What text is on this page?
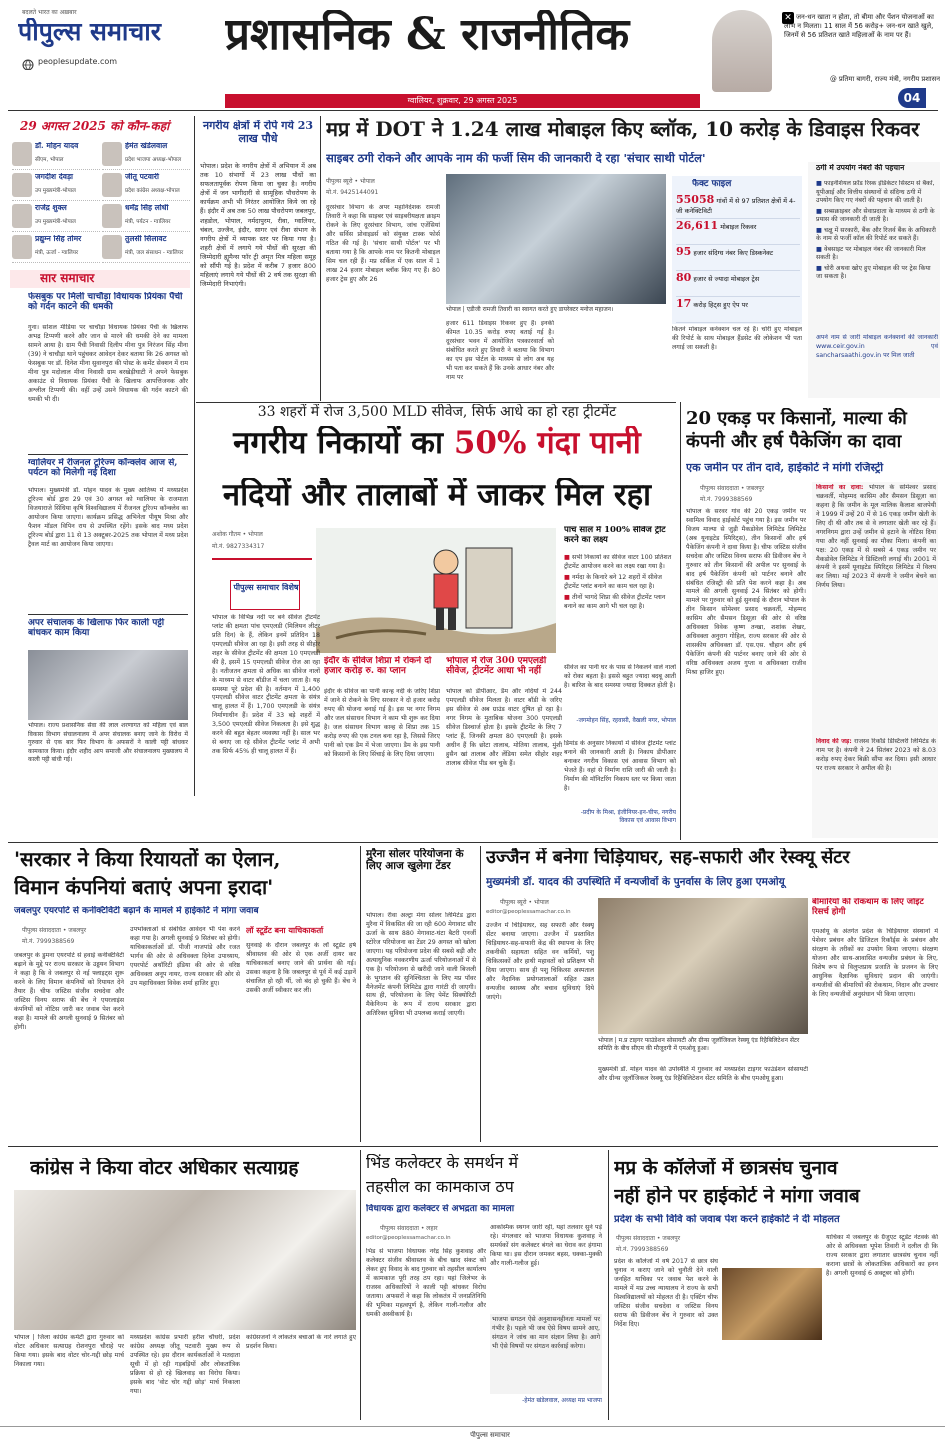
बदलते भारत का अख़बार
पीपुल्स समाचार
peoplesupdate.com
प्रशासनिक & राजनीतिक
ग्वालियर, शुक्रवार, 29 अगस्त 2025
✕ जन-धन खाता न होता, तो बीमा और पेंशन योजनाओं का लाभ न मिलता। 11 साल में 56 करोड़+ जन-धन खाते खुले, जिनमें से 56 प्रतिशत खाते महिलाओं के नाम पर हैं।
@ प्रतिमा बागरी, राज्य मंत्री, नगरीय प्रशासन
04
29 अगस्त 2025 को कौन-कहां
डॉ. मोहन यादव
सीएम, भोपाल
हेमंत खंडेलवाल
प्रदेश भाजपा अध्यक्ष-भोपाल
जगदीश देवड़ा
उप मुख्यमंत्री-भोपाल
जीतू पटवारी
प्रदेश कांग्रेस अध्यक्ष-भोपाल
राजेंद्र शुक्ल
उप मुख्यमंत्री-भोपाल
धर्मेंद्र सिंह लोधी
मंत्री, पर्यटन - ग्वालियर
प्रद्युम्न सिंह तोमर
मंत्री, ऊर्जा - ग्वालियर
तुलसी सिलावट
मंत्री, जल संसाधन - ग्वालियर
सार समाचार
फेसबुक पर मिली चाचौड़ा विधायक प्रियंका पैंची को गर्दन काटने की धमकी
गुना। सोशल मीडिया पर चाचौड़ा विधायक प्रियंका पैंची के खिलाफ अभद्र टिप्पणी करने और जान से मारने की धमकी देने का मामला सामने आया है। ग्राम पैंची निवासी दिलीप मीना पुत्र निरंजन सिंह मीना (39) ने चाचौड़ा थाने पहुंचकर आवेदन देकर बताया कि 26 अगस्त को फेसबुक पर डॉ. दिनेश मीना सुवानपुरा की पोस्ट के कमेंट सेक्शन में राम मीना पुत्र मदोलाल मीना निवासी ग्राम बरखेड़ीघाटी ने अपने फेसबुक अकाउंट से विधायक प्रियंका पैंची के खिलाफ आपत्तिजनक और अश्लील टिप्पणी की। वहीं उन्हें उसने विधायक की गर्दन काटने की धमकी भी दी।
ग्वालियर में रीजनल टूरिज्म कॉन्क्लेव आज से, पर्यटन को मिलेगी नई दिशा
भोपाल। मुख्यमंत्री डॉ. मोहन यादव के मुख्य आतिथ्य में मध्यप्रदेश टूरिज्म बोर्ड द्वारा 29 एवं 30 अगस्त को ग्वालियर के राजमाता विजयाराजे सिंधिया कृषि विश्वविद्यालय में रीजनल टूरिज्म कॉन्क्लेव का आयोजन किया जाएगा। कार्यक्रम प्रसिद्ध अभिनेता पीयूष मिश्रा और फैशन मॉडल विपिन राय से उपस्थित रहेंगे। इसके बाद मध्य प्रदेश टूरिज्म बोर्ड द्वारा 11 से 13 अक्टूबर-2025 तक भोपाल में मध्य प्रदेश ट्रैवल मार्ट का आयोजन किया जाएगा।
अपर संचालक के खिलाफ फिर काली पट्टी बांधकर काम किया
भोपाल। राज्य प्रशासनिक सेवा की लाल शरणागत को महिला एवं बाल विकास विभाग संचालनालय में अपर संचालक बनाए जाने के विरोध में गुरुवार से एक बार फिर विभाग के अफसरों ने काली पट्टी बांधकर कामकाज किया। इंदौर शहीद आप समाजी और संचालनालय मुख्यालय में काली पट्टी बांधी गई।
नगरीय क्षेत्रों में रोपे गये 23 लाख पौधे
भोपाल। प्रदेश के नगरीय क्षेत्रों में अभियान में अब तक 10 संभागों में 23 लाख पौधों का सफलतापूर्वक रोपण किया जा चुका है। नगरीय क्षेत्रों में जन भागीदारी से सामूहिक पौधरोपण के कार्यक्रम अभी भी निरंतर आयोजित किये जा रहे हैं। इंदौर में अब तक 50 लाख पौधरोपण जबलपुर, शहडोल, भोपाल, नर्मदापुरम, रीवा, ग्वालियर, चंबल, उज्जैन, इंदौर, सागर एवं रीवा संभाग के नगरीय क्षेत्रों में व्यापक स्तर पर किया गया है। शहरी क्षेत्रों में लगाये गये पौधों की सुरक्षा की जिम्मेदारी ह्यूमैन्स फॉर ट्री अमृत मित्र महिला समूह को सौंपी गई है। प्रदेश में करीब 7 हजार 800 महिलाएं लगाये गये पौधों की 2 वर्ष तक सुरक्षा की जिम्मेदारी निभाएंगी।
मप्र में DOT ने 1.24 लाख मोबाइल किए ब्लॉक, 10 करोड़ के डिवाइस रिकवर
साइबर ठगी रोकने और आपके नाम की फर्जी सिम की जानकारी दे रहा 'संचार साथी पोर्टल'
पीपुल्स ब्यूरो • भोपाल
मो.नं. 9425144091
दूरसंचार विभाग के अपर महानिदेशक रामजी तिवारी ने कहा कि साइबर एवं साइबरीयक्षता क्राइम रोकने के लिए दूरसंचार विभाग, जांच एजेंसियां और सर्विस प्रोवाइडर्स को संयुक्त टास्क फोर्स गठित की गई है। 'संचार साथी पोर्टल' पर भी बताया गया है कि आपके नाम पर कितनी मोबाइल सिम चल रही हैं। मप्र सर्किल में एक साल में 1 लाख 24 हजार मोबाइल ब्लॉक किए गए हैं। 80 हजार ट्रेस हुए और 26
भोपाल | एडीजी रामजी तिवारी का स्वागत करते हुए डायरेक्टर मनोज महाजन।
हजार 611 डिवाइस रिकवर हुए हैं। इनकी कीमत 10.35 करोड़ रुपए बताई गई है। दूरसंचार भवन में आयोजित पत्रकारवार्ता को संबोधित करते हुए तिवारी ने बताया कि विभाग का एप इस पोर्टल के माध्यम से लोग अब यह भी पता कर सकते हैं कि उनके आधार नंबर और नाम पर
फैक्ट फाइल
55058 गांवों में से 97 प्रतिशत क्षेत्रों में 4-जी कनेक्टिविटी
26,611 मोबाइल रिकवर
95 हजार संदिग्ध नंबर किए डिस्कनेक्ट
80 हजार से ज्यादा मोबाइल ट्रेस
17 करोड़ हिट्स हुए ऐप पर
कितने मोबाइल कनेक्शन चल रहे हैं। चोरी हुए मोबाइल की रिपोर्ट के साथ मोबाइल हैंडसेट की लोकेशन भी पता लगाई जा सकती है।
ठगी में उपयोग नंबरों की पहचान
■ फाइनेंशियल फ्रॉड रिस्क इंडिकेटर सिस्टम से बैंकों, यूपीआई और वित्तीय संस्थानों से संदिग्ध ठगी में उपयोग किए गए नंबरों की पहचान की जाती है।
■ सब्सक्राइबर और सेवाप्रदाता के माध्यम से ठगी के प्रयास की जानकारी दी जाती है।
■ चक्षु में सरकारी, बैंक और रिजर्व बैंक के अधिकारी के नाम से फर्जी कॉल की रिपोर्ट कर सकते हैं।
■ वेबसाइट पर मोबाइल नंबर की जानकारी मिल सकती है।
■ चोरी अथवा खोए हुए मोबाइल की पर ट्रेस किया जा सकता है।
अपने नाम से जारी मोबाइल कनेक्शनों की जानकारी www.ceir.gov.in एवं sancharsaathi.gov.in पर मिल जाती
33 शहरों में रोज 3,500 MLD सीवेज, सिर्फ आधे का हो रहा ट्रीटमेंट
नगरीय निकायों का 50% गंदा पानी
नदियों और तालाबों में जाकर मिल रहा
अशोक गौतम • भोपाल
मो.नं. 9827334317
पीपुल्स समाचार विशेष
भोपाल के विभिन्न नदी पर बने सीवेज ट्रीटमेंट प्लांट की क्षमता पांच एमएलडी (मिलियन लीटर प्रति दिन) के हैं, लेकिन इनमें प्रतिदिन 18 एमएलडी सीवेज आ रहा है। इसी तरह से सीहोर शहर के सीवेज ट्रीटमेंट की क्षमता 10 एमएलडी की है, इसमें 15 एमएलडी सीवेज रोज आ रहा है। नतीजतन क्षमता से अधिक का सीवेज नालों के माध्यम से वाटर बॉडीज में चला जाता है। यह समस्या पूरे प्रदेश की है। वर्तमान में 1,400 एमएलडी सीवेज वाटर ट्रीटमेंट क्षमता के संयंत्र चालू हालत में हैं। 1,700 एमएलडी के संयंत्र निर्माणाधीन हैं। प्रदेश में 33 बड़े शहरों में 3,500 एमएलडी सीवेज निकलता है। इसे शुद्ध करने की बहुत बेहतर व्यवस्था नहीं है। साल भर से बनाए जा रहे सीवेज ट्रीटमेंट प्लांट में अभी तक सिर्फ 45% ही चालू हालत में हैं।
इंदौर के सीवेज शिप्रा में रोकने दो हजार करोड़ रु. का प्लान
इंदौर के सीवेज का पानी कान्ह नदी के जरिए शिप्रा में जाने से रोकने के लिए सरकार ने दो हजार करोड़ रुपए की योजना बनाई गई है। इस पर नगर निगम और जल संसाधन विभाग ने काम भी शुरू कर दिया है। जल संसाधन विभाग कान्ह से शिप्रा तक 15 करोड़ रुपए की एक टनल बना रहा है, जिससे जिरए पानी को एक डैम में भेजा जाएगा। डैम के इस पानी को किसानों के लिए सिंचाई के लिए दिया जाएगा।
भोपाल में रोज 300 एमएलडी सीवेज, ट्रीटमेंट आधा भी नहीं
भोपाल को डीपीआर, डैम और नदियों में 244 एमएलडी सीवेज मिलता है। वाटर बॉडी के जरिए इस सीवेज से अब ग्राउंड वाटर दूषित हो रहा है। नगर निगम के मुताबिक योजना 300 एमएलडी सीवेज डिस्चार्ज होता है। इसके ट्रीटमेंट के लिए 7 प्लांट हैं, जिनकी क्षमता 80 एमएलडी है। इसके अधीन हैं कि छोटा तालाब, मोतिया तालाब, मुंशी हुसैन खां तालाब और लेंडिया समेत सीहोर शहर तालाब सीवेज पीड बन चुके हैं।
पांच साल में 100% सीवेज ट्रीट करने का लक्ष्य
■ सभी निकायों का सीवेज वाटर 100 प्रतिशत ट्रीटमेंट आयोजन करने का लक्ष्य रखा गया है।
■ नर्मदा के किनारे बने 12 शहरों में सीवेज ट्रीटमेंट प्लांट बनाने का काम चल रहा है।
■ तीनों भागदे शिप्रा की सीवेज ट्रीटमेंट प्लान बनाने का काम आगे भी चल रहा है।
सीवेज का पानी घर के पास से निकलने वाले नालों को रोका बहता है। इससे बहुत ज्यादा बदबू आती है। बारिश के बाद समस्या ज्यादा दिक्कत होती है।
-जगमोहन सिंह, रहवासी, वैखली नगर, भोपाल
डिमांड के अनुसार निकायों में सीवेज ट्रीटमेंट प्लांट बनाने की जानकारी आती है। निकाय डीपीआर बनाकर नगरीय विकास एवं आवास विभाग को भेजते हैं। वहां से निर्माण राशि जारी की जाती है। निर्माण की मॉनिटरिंग निकाय स्तर पर किया जाता है।
-प्रदीप के मिश्रा, इंजीनियर-इन-चीफ, नगरीय विकास एवं आवास विभाग
20 एकड़ पर किसानों, माल्या की कंपनी और हर्ष पैकेजिंग का दावा
एक जमीन पर तीन दावे, हाईकोर्ट ने मांगी रजिस्ट्री
पीपुल्स संवाददाता • जबलपुर
मो.नं. 7999388569
भोपाल के सरवर गांव की 20 एकड़ जमीन पर स्वामित्व विवाद हाईकोर्ट पहुंच गया है। इस जमीन पर विजय माल्या से जुड़ी मैकडोवेल लिमिटेड लिमिटेड (अब यूनाइटेड स्पिरिट्स), तीन किसानों और हर्ष पैकेजिंग कंपनी ने दावा किया है। चीफ जस्टिस संजीव सचदेवा और जस्टिस विनय सराफ की डिवीजन बेंच ने गुरुवार को तीन किसानों की अपील पर सुनवाई के बाद हर्ष पैकेजिंग कंपनी को पार्टनर बनाने और संबंधित रजिस्ट्री की प्रति पेश करने कहा है। अब मामले की अगली सुनवाई 24 सितंबर को होगी। मामले पर गुरुवार को हुई सुनवाई के दौरान भोपाल के तीन किसान सोमेश्वर प्रसाद चक्रवर्ती, मोहम्मद कासिम और सैमसन डिसूज़ा की ओर से वरिष्ठ अधिवक्ता विवेक कृष्ण तन्खा, शशांक शेखर, अधिवक्ता अनुराग गोहिल, राज्य सरकार की ओर से शासकीय अधिवक्ता डॉ. एस.एस. चौहान और हर्ष पैकेजिंग कंपनी की पार्टनर बनाए जाने की ओर से वरिष्ठ अधिवक्ता अजय गुप्ता व अधिवक्ता राजीव मिश्रा हाजिर हुए।
किसानों का दावा: भोपाल के सोमेश्वर प्रसाद चक्रवर्ती, मोहम्मद कासिम और सैमसन डिसूज़ा का कहना है कि जमीन के मूल मालिक कैलाश बाजपेयी ने 1999 में उन्हें 20 में से 16 एकड़ जमीन खेती के लिए दी थी और तब से वे लगातार खेती कर रहे हैं। नगरनिगम द्वारा उन्हें जमीन से हटाने के नोटिस दिया गया और नहीं सुनवाई का मौका मिला। कंपनी का पक्ष: 20 एकड़ में से सबसे 4 एकड़ जमीन पर मैकडोवेल लिमिटेड ने डिस्टिलरी लगाई थी। 2001 में कंपनी ने इसमें यूनाइटेड स्पिरिट्स लिमिटेड में विलय कर लिया। मई 2023 में कंपनी ने जमीन बेचने का निर्णय लिया।
विवाद की जड़: राजस्व रिकॉर्ड डिस्टिलरी लिमिटेड के नाम पर है। कंपनी ने 24 सितंबर 2023 को 8.03 करोड़ रुपए देकर बिक्री सौंपा कर दिया। इसी आधार पर राज्य सरकार ने अपील की है।
'सरकार ने किया रियायतों का ऐलान,
विमान कंपनियां बताएं अपना इरादा'
जबलपुर एयरपोर्ट से कनेक्टिविटी बढ़ाने के मामले में हाईकोर्ट ने मांगा जवाब
पीपुल्स संवाददाता • जबलपुर
मो.नं. 7999388569
जबलपुर के डुमना एयरपोर्ट से हवाई कनेक्टिविटी बढ़ाने के मुद्दे पर राज्य सरकार के उड्डयन विभाग ने कहा है कि वे जबलपुर से नई फ्लाइट्स शुरू करने के लिए विमान कंपनियों को रियायत देने तैयार हैं। चीफ जस्टिस संजीव सचदेवा और जस्टिस विनय सराफ की बेंच ने एयरलाइंस कंपनियों को नोटिस जारी कर जवाब पेश करने कहा है। मामले की अगली सुनवाई 9 सितंबर को होगी।
उपभोक्ताओं से संबंधित आवेदन भी पेश करने कहा गया है। अगली सुनवाई 9 सितंबर को होगी। याचिकाकर्ताओं डॉ. पीजी नाजपांडे और रजत भार्गव की ओर से अधिवक्ता दिनेश उपाध्याय, एयरपोर्ट अथॉरिटी इंडिया की ओर से वरिष्ठ अधिवक्ता अनूप नायर, राज्य सरकार की ओर से उप महाधिवक्ता विवेक शर्मा हाजिर हुए।
लॉ स्टूडेंट बना याचिकाकर्ता
सुनवाई के दौरान जबलपुर के लॉ स्टूडेंट हर्ष श्रीवास्तव की ओर से एक अर्जी दायर कर याचिकाकर्ता बनाए जाने की प्रार्थना की गई। उसका कहना है कि जबलपुर से पूर्व में कई उड़ानें संचालित हो रही थीं, जो बंद हो चुकी हैं। बेंच ने उसकी अर्जी स्वीकार कर ली।
मुरैना सोलर परियोजना के लिए आज खुलेगा टेंडर
भोपाल। रीवा अल्ट्रा मेगा सोलर लिमिटेड द्वारा मुरैना में विकसित की जा रही 600 मेगावाट सौर ऊर्जा के साथ 880 मेगावाट-घंटा बैटरी एनर्जी स्टोरेज परियोजना का टेंडर 29 अगस्त को खोला जाएगा। यह परियोजना प्रदेश की सबसे बड़ी और अत्याधुनिक नवकरणीय ऊर्जा परियोजनाओं में से एक है। परियोजना से खरीदी जाने वाली बिजली के भुगतान की सुनिश्चितता के लिए मप्र पॉवर मैनेजमेंट कंपनी लिमिटेड द्वारा गारंटी दी जाएगी। साथ ही, परियोजना के लिए पेमेंट सिक्योरिटी मैकेनिज्म के रूप में राज्य सरकार द्वारा अतिरिक्त सुविधा भी उपलब्ध कराई जाएगी।
उज्जैन में बनेगा चिड़ियाघर, सह-सफारी और रेस्क्यू सेंटर
मुख्यमंत्री डॉ. यादव की उपस्थिति में वन्यजीवों के पुनर्वास के लिए हुआ एमओयू
पीपुल्स ब्यूरो • भोपाल
editor@peoplessamachar.co.in
उज्जैन में चिड़ियाघर, सह सफारी और रेस्क्यू सेंटर बनाया जाएगा। उज्जैन में प्रस्तावित चिड़ियाघर-सह-सफारी केंद्र की स्थापना के लिए तकनीकी सहायता सहित वन कर्मियों, पशु चिकित्सकों और हाथी महावतों को प्रशिक्षण भी दिया जाएगा। साथ ही पशु चिकित्सा अस्पताल और नैदानिक प्रयोगशालाओं सहित उन्नत वन्यजीव स्वास्थ्य और बचाव सुविधाएं दिये जाएंगे।
भोपाल | म.प्र टाइगर फाउंडेशन सोसायटी और ग्रीन्स जूलॉजिकल रेस्क्यू एंड रिहैबिलिटेशन सेंटर समिति के बीच सीएम की मौजूदगी में एमओयू हुआ।
मुख्यमंत्री डॉ. मोहन यादव की उपस्थिति में गुरुवार को मध्यप्रदेश टाइगर फाउंडेशन सोसायटी और ग्रीन्स जूलॉजिकल रेस्क्यू एंड रिहैबिलिटेशन सेंटर समिति के बीच एमओयू हुआ।
बीमारियों की रोकथाम के लिए जॉइंट रिसर्च होगी
एमओयू के अंतर्गत प्रदेश के चिड़ियाघर संस्थानों में पेशेवर प्रबंधन और डिजिटल रिकॉर्ड्स के प्रबंधन और संरक्षण के तरीकों का उपयोग किया जाएगा। संरक्षण योजना और साथ-आवासित वन्यजीव प्रबंधन के लिए, विशेष रूप से विलुप्तप्राय प्रजाति के प्रजनन के लिए आधुनिक वैज्ञानिक सुविधाएं प्रदान की जाएंगी। वन्यजीवों की बीमारियों की रोकथाम, निदान और उपचार के लिए वन्यजीवों अनुसंधान भी किया जाएगा।
कांग्रेस ने किया वोटर अधिकार सत्याग्रह
भोपाल | जिला कांग्रेस कमेटी द्वारा गुरुवार को वोटर अधिकार सत्याग्रह रोशनपुरा चौराहे पर किया गया। इसके बाद वोटर चोर-गद्दी छोड़ मार्च निकाला गया।
मध्यप्रदेश कांग्रेस प्रभारी हरीश चौधरी, प्रदेश कांग्रेस अध्यक्ष जीतू पटवारी मुख्य रूप से उपस्थित रहे। इस दौरान कार्यकर्ताओं ने मतदाता सूची में हो रही गड़बड़ियों और लोकतांत्रिक प्रक्रिया से हो रहे खिलवाड़ का विरोध किया। इसके बाद 'वोट चोर गद्दी छोड़' मार्च निकाला गया।
कांग्रेसजनों ने लोकतंत्र बचाओ के नारे लगाते हुए प्रदर्शन किया।
भिंड कलेक्टर के समर्थन में
तहसील का कामकाज ठप
विधायक द्वारा कलेक्टर से अभद्रता का मामला
पीपुल्स संवाददाता • लहार
editor@peoplessamachar.co.in
भिंड से भाजपा विधायक नरेंद्र सिंह कुशवाह और कलेक्टर संजीव श्रीवास्तव के बीच खाद संकट को लेकर हुए विवाद के बाद गुरुवार को तहसील कार्यालय में कामकाज पूरी तरह ठप रहा। यहां जिलेभर के राजस्व अधिकारियों ने काली पट्टी बांधकर विरोध जताया। अफसरों ने कहा कि लोकतंत्र में जनप्रतिनिधि की भूमिका महत्वपूर्ण है, लेकिन गाली-गलौज और धमकी अस्वीकार्य है।
आकस्मिक स्थगन जारी रहीं, यहां तलवार सुने पड़े रहे। मंगलवार को भाजपा विधायक कुशवाह ने समर्थकों संग कलेक्टर बंगले का घेराव कर हंगामा किया था। इस दौरान जमकर बहस, धक्का-मुक्की और गाली-गलौज हुई।
भाजपा सगठन ऐसे अनुशासनहीनता मामलों पर गंभीर है। पहले भी जब ऐसे विषय सामने आए, संगठन ने जांच का मान संज्ञान लिया है। आगे भी ऐसे विषयों पर संगठन कार्रवाई करेगा।
-हेमंत खंडेलवाल, अध्यक्ष मप्र भाजपा
मप्र के कॉलेजों में छात्रसंघ चुनाव
नहीं होने पर हाईकोर्ट ने मांगा जवाब
प्रदेश के सभी विवि को जवाब पेश करने हाईकोर्ट ने दी मोहलत
पीपुल्स संवाददाता • जबलपुर
मो.नं. 7999388569
प्रदेश के कॉलेजों में वर्ष 2017 से छात्र संघ चुनाव न कराए जाने को चुनौती देने वाली जनहित याचिका पर जवाब पेश करने के मामले में मप्र उच्च न्यायालय ने राज्य के सभी विश्वविद्यालयों को मोहलत दी है। एक्टिंग चीफ जस्टिस संजीव सचदेवा व जस्टिस विनय सराफ की डिवीजन बेंच ने गुरुवार को उक्त निर्देश दिए।
याचिका में जबलपुर के ग्रैजुएट स्टूडेंट नेटवर्क की ओर से अधिवक्ता भूपेश तिवारी ने दलील दी कि राज्य सरकार द्वारा लगातार छात्रसंघ चुनाव नहीं कराना छात्रों के लोकतांत्रिक अधिकारों का हनन है। अगली सुनवाई 6 अक्टूबर को होगी।
पीपुल्स समाचार
